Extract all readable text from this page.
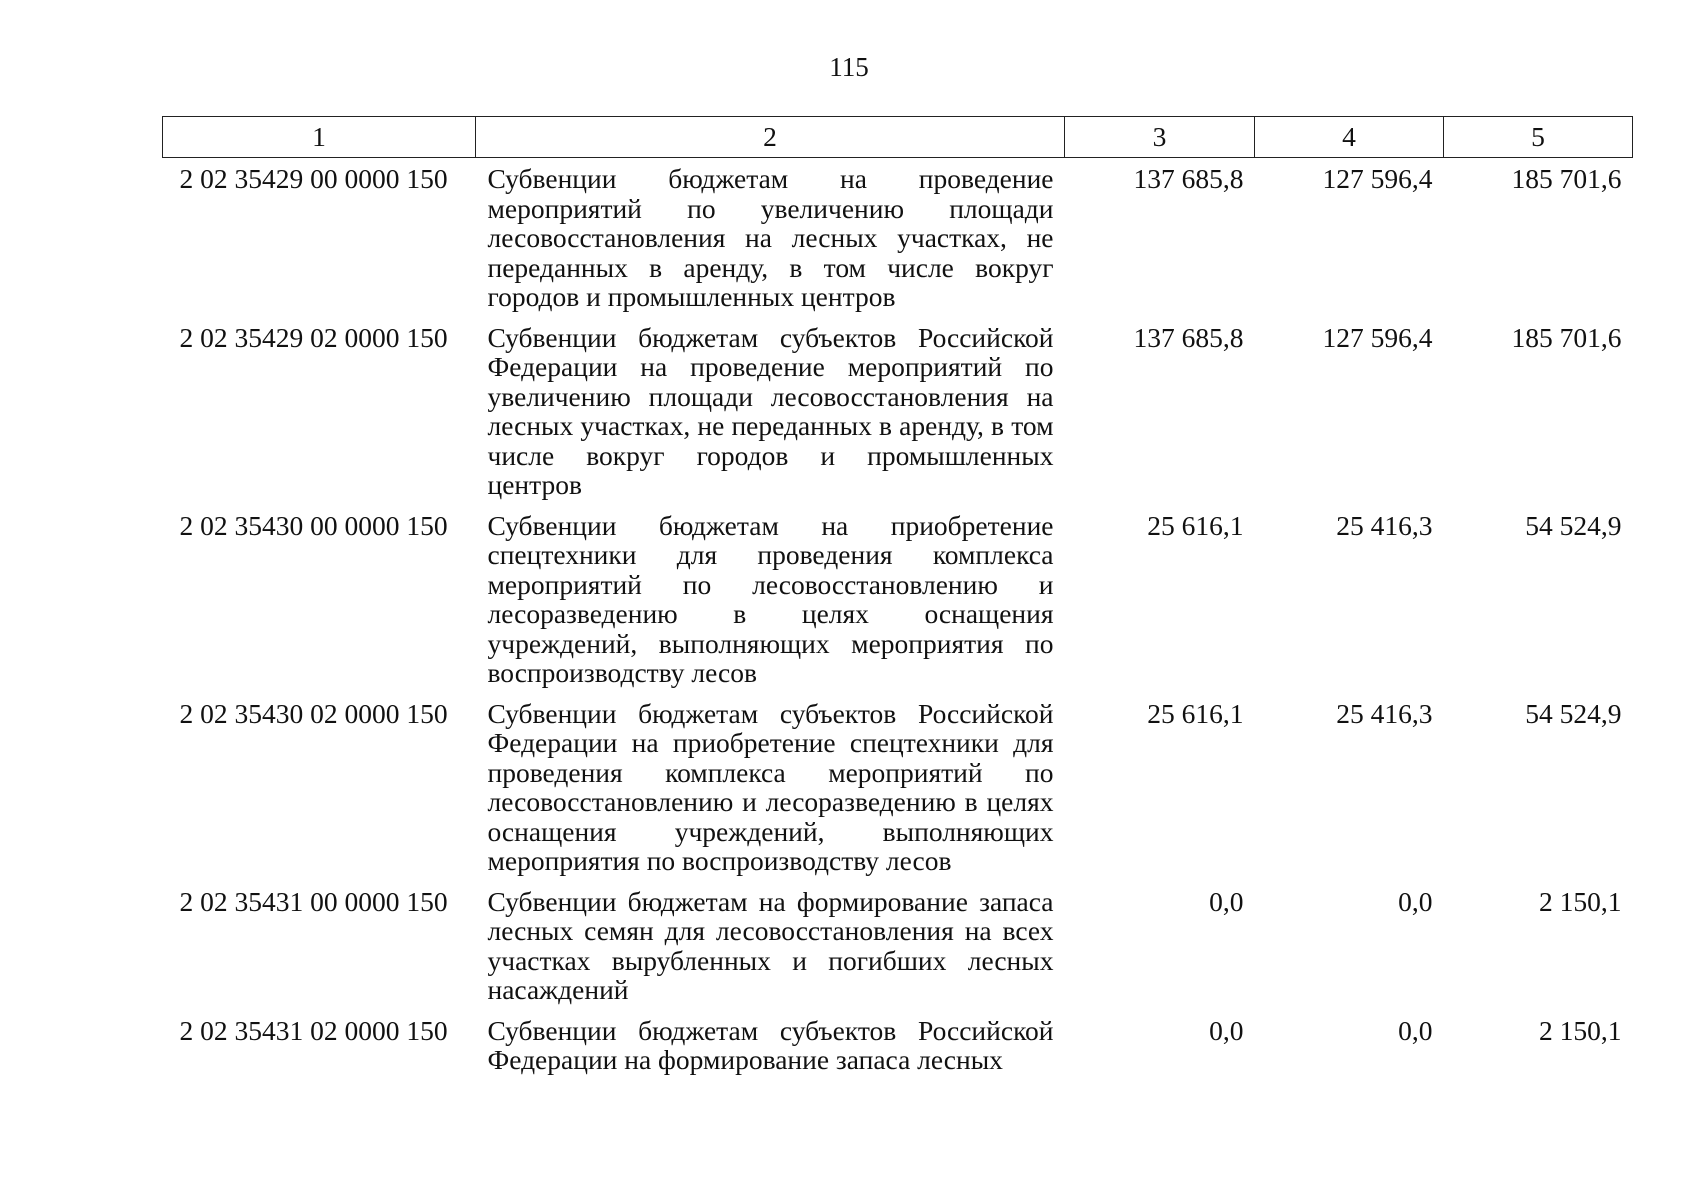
115
1	2	3	4	5
2 02 35429 00 0000 150	Субвенции бюджетам на проведение мероприятий по увеличению площади лесовосстановления на лесных участках, не переданных в аренду, в том числе вокруг городов и промышленных центров	137 685,8	127 596,4	185 701,6
2 02 35429 02 0000 150	Субвенции бюджетам субъектов Российской Федерации на проведение мероприятий по увеличению площади лесовосстановления на лесных участках, не переданных в аренду, в том числе вокруг городов и промышленных центров	137 685,8	127 596,4	185 701,6
2 02 35430 00 0000 150	Субвенции бюджетам на приобретение спецтехники для проведения комплекса мероприятий по лесовосстановлению и лесоразведению в целях оснащения учреждений, выполняющих мероприятия по воспроизводству лесов	25 616,1	25 416,3	54 524,9
2 02 35430 02 0000 150	Субвенции бюджетам субъектов Российской Федерации на приобретение спецтехники для проведения комплекса мероприятий по лесовосстановлению и лесоразведению в целях оснащения учреждений, выполняющих мероприятия по воспроизводству лесов	25 616,1	25 416,3	54 524,9
2 02 35431 00 0000 150	Субвенции бюджетам на формирование запаса лесных семян для лесовосстановления на всех участках вырубленных и погибших лесных насаждений	0,0	0,0	2 150,1
2 02 35431 02 0000 150	Субвенции бюджетам субъектов Российской Федерации на формирование запаса лесных	0,0	0,0	2 150,1
